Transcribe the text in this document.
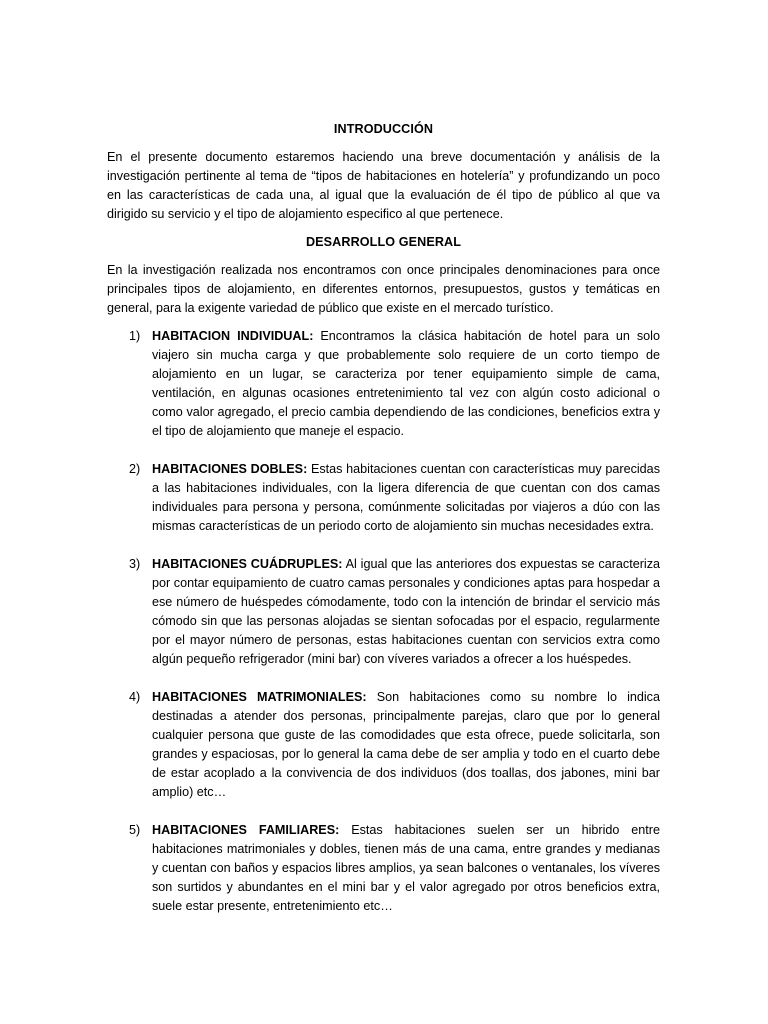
INTRODUCCIÓN

En el presente documento estaremos haciendo una breve documentación y análisis de la investigación pertinente al tema de “tipos de habitaciones en hotelería” y profundizando un poco en las características de cada una, al igual que la evaluación de él tipo de público al que va dirigido su servicio y el tipo de alojamiento especifico al que pertenece.

DESARROLLO GENERAL

En la investigación realizada nos encontramos con once principales denominaciones para once principales tipos de alojamiento, en diferentes entornos, presupuestos, gustos y temáticas en general, para la exigente variedad de público que existe en el mercado turístico.

1) HABITACION INDIVIDUAL: Encontramos la clásica habitación de hotel para un solo viajero sin mucha carga y que probablemente solo requiere de un corto tiempo de alojamiento en un lugar, se caracteriza por tener equipamiento simple de cama, ventilación, en algunas ocasiones entretenimiento tal vez con algún costo adicional o como valor agregado, el precio cambia dependiendo de las condiciones, beneficios extra y el tipo de alojamiento que maneje el espacio.
2) HABITACIONES DOBLES: Estas habitaciones cuentan con características muy parecidas a las habitaciones individuales, con la ligera diferencia de que cuentan con dos camas individuales para persona y persona, comúnmente solicitadas por viajeros a dúo con las mismas características de un periodo corto de alojamiento sin muchas necesidades extra.
3) HABITACIONES CUÁDRUPLES: Al igual que las anteriores dos expuestas se caracteriza por contar equipamiento de cuatro camas personales y condiciones aptas para hospedar a ese número de huéspedes cómodamente, todo con la intención de brindar el servicio más cómodo sin que las personas alojadas se sientan sofocadas por el espacio, regularmente por el mayor número de personas, estas habitaciones cuentan con servicios extra como algún pequeño refrigerador (mini bar) con víveres variados a ofrecer a los huéspedes.
4) HABITACIONES MATRIMONIALES: Son habitaciones como su nombre lo indica destinadas a atender dos personas, principalmente parejas, claro que por lo general cualquier persona que guste de las comodidades que esta ofrece, puede solicitarla, son grandes y espaciosas, por lo general la cama debe de ser amplia y todo en el cuarto debe de estar acoplado a la convivencia de dos individuos (dos toallas, dos jabones, mini bar amplio) etc…
5) HABITACIONES FAMILIARES: Estas habitaciones suelen ser un hibrido entre habitaciones matrimoniales y dobles, tienen más de una cama, entre grandes y medianas y cuentan con baños y espacios libres amplios, ya sean balcones o ventanales, los víveres son surtidos y abundantes en el mini bar y el valor agregado por otros beneficios extra, suele estar presente, entretenimiento etc…
